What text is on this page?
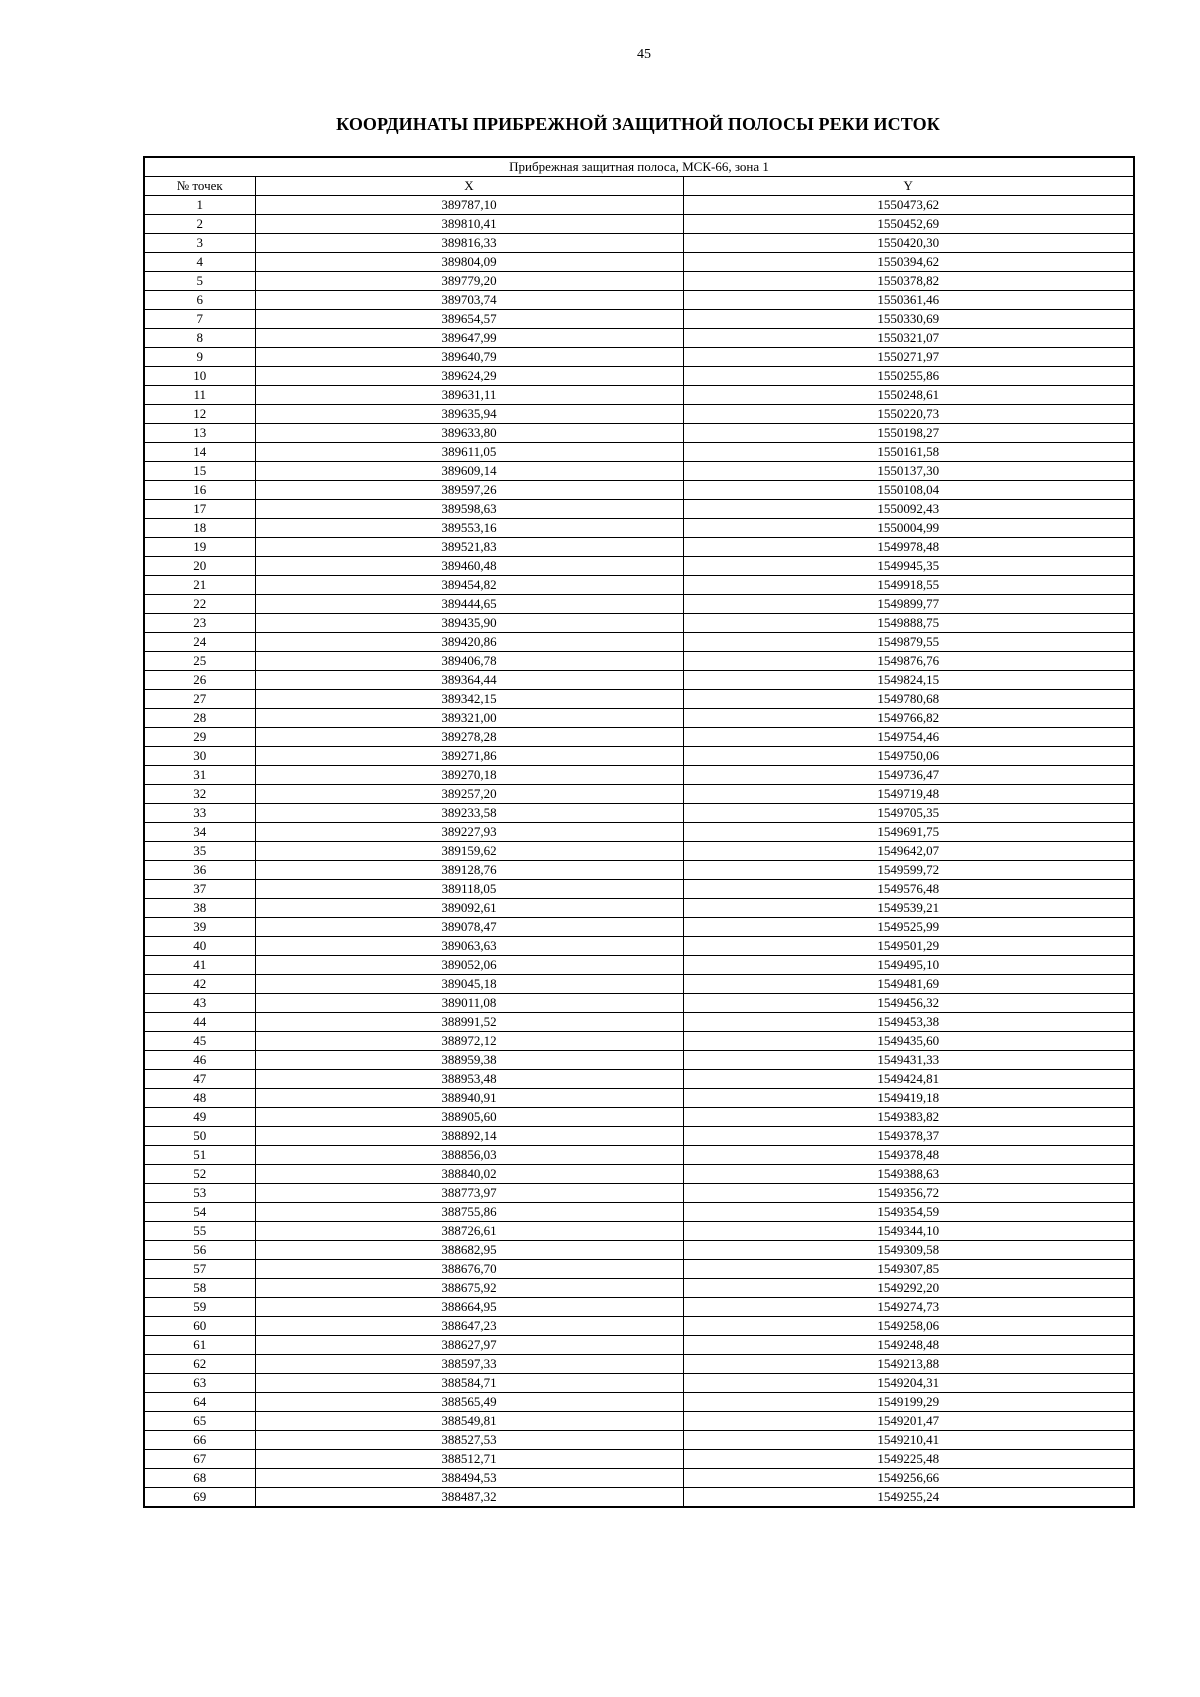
45
КООРДИНАТЫ ПРИБРЕЖНОЙ ЗАЩИТНОЙ ПОЛОСЫ РЕКИ ИСТОК
Прибрежная защитная полоса, МСК-66, зона 1		
№ точек	X	Y
1	389787,10	1550473,62
2	389810,41	1550452,69
3	389816,33	1550420,30
4	389804,09	1550394,62
5	389779,20	1550378,82
6	389703,74	1550361,46
7	389654,57	1550330,69
8	389647,99	1550321,07
9	389640,79	1550271,97
10	389624,29	1550255,86
11	389631,11	1550248,61
12	389635,94	1550220,73
13	389633,80	1550198,27
14	389611,05	1550161,58
15	389609,14	1550137,30
16	389597,26	1550108,04
17	389598,63	1550092,43
18	389553,16	1550004,99
19	389521,83	1549978,48
20	389460,48	1549945,35
21	389454,82	1549918,55
22	389444,65	1549899,77
23	389435,90	1549888,75
24	389420,86	1549879,55
25	389406,78	1549876,76
26	389364,44	1549824,15
27	389342,15	1549780,68
28	389321,00	1549766,82
29	389278,28	1549754,46
30	389271,86	1549750,06
31	389270,18	1549736,47
32	389257,20	1549719,48
33	389233,58	1549705,35
34	389227,93	1549691,75
35	389159,62	1549642,07
36	389128,76	1549599,72
37	389118,05	1549576,48
38	389092,61	1549539,21
39	389078,47	1549525,99
40	389063,63	1549501,29
41	389052,06	1549495,10
42	389045,18	1549481,69
43	389011,08	1549456,32
44	388991,52	1549453,38
45	388972,12	1549435,60
46	388959,38	1549431,33
47	388953,48	1549424,81
48	388940,91	1549419,18
49	388905,60	1549383,82
50	388892,14	1549378,37
51	388856,03	1549378,48
52	388840,02	1549388,63
53	388773,97	1549356,72
54	388755,86	1549354,59
55	388726,61	1549344,10
56	388682,95	1549309,58
57	388676,70	1549307,85
58	388675,92	1549292,20
59	388664,95	1549274,73
60	388647,23	1549258,06
61	388627,97	1549248,48
62	388597,33	1549213,88
63	388584,71	1549204,31
64	388565,49	1549199,29
65	388549,81	1549201,47
66	388527,53	1549210,41
67	388512,71	1549225,48
68	388494,53	1549256,66
69	388487,32	1549255,24
